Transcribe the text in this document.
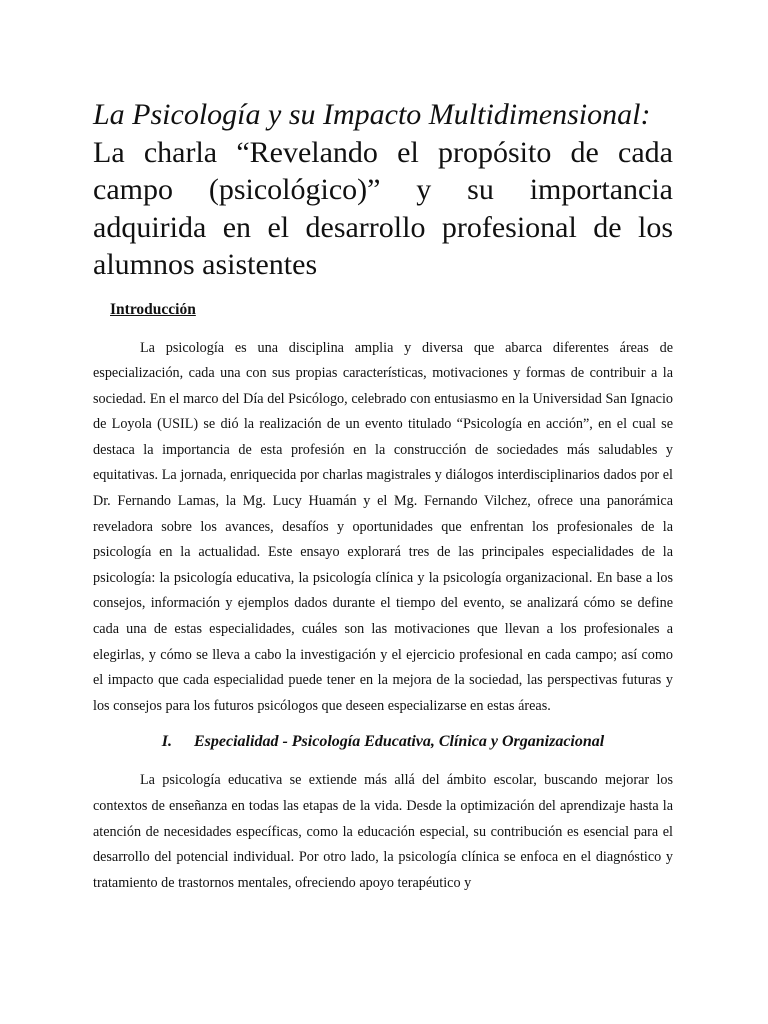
La Psicología y su Impacto Multidimensional:
La charla “Revelando el propósito de cada campo (psicológico)” y su importancia adquirida en el desarrollo profesional de los alumnos asistentes
Introducción

La psicología es una disciplina amplia y diversa que abarca diferentes áreas de especialización, cada una con sus propias características, motivaciones y formas de contribuir a la sociedad. En el marco del Día del Psicólogo, celebrado con entusiasmo en la Universidad San Ignacio de Loyola (USIL) se dió la realización de un evento titulado “Psicología en acción”, en el cual se destaca la importancia de esta profesión en la construcción de sociedades más saludables y equitativas. La jornada, enriquecida por charlas magistrales y diálogos interdisciplinarios dados por el Dr. Fernando Lamas, la Mg. Lucy Huamán y el Mg. Fernando Vilchez, ofrece una panorámica reveladora sobre los avances, desafíos y oportunidades que enfrentan los profesionales de la psicología en la actualidad. Este ensayo explorará tres de las principales especialidades de la psicología: la psicología educativa, la psicología clínica y la psicología organizacional. En base a los consejos, información y ejemplos dados durante el tiempo del evento, se analizará cómo se define cada una de estas especialidades, cuáles son las motivaciones que llevan a los profesionales a elegirlas, y cómo se lleva a cabo la investigación y el ejercicio profesional en cada campo; así como el impacto que cada especialidad puede tener en la mejora de la sociedad, las perspectivas futuras y los consejos para los futuros psicólogos que deseen especializarse en estas áreas.

I. Especialidad - Psicología Educativa, Clínica y Organizacional

La psicología educativa se extiende más allá del ámbito escolar, buscando mejorar los contextos de enseñanza en todas las etapas de la vida. Desde la optimización del aprendizaje hasta la atención de necesidades específicas, como la educación especial, su contribución es esencial para el desarrollo del potencial individual. Por otro lado, la psicología clínica se enfoca en el diagnóstico y tratamiento de trastornos mentales, ofreciendo apoyo terapéutico y
